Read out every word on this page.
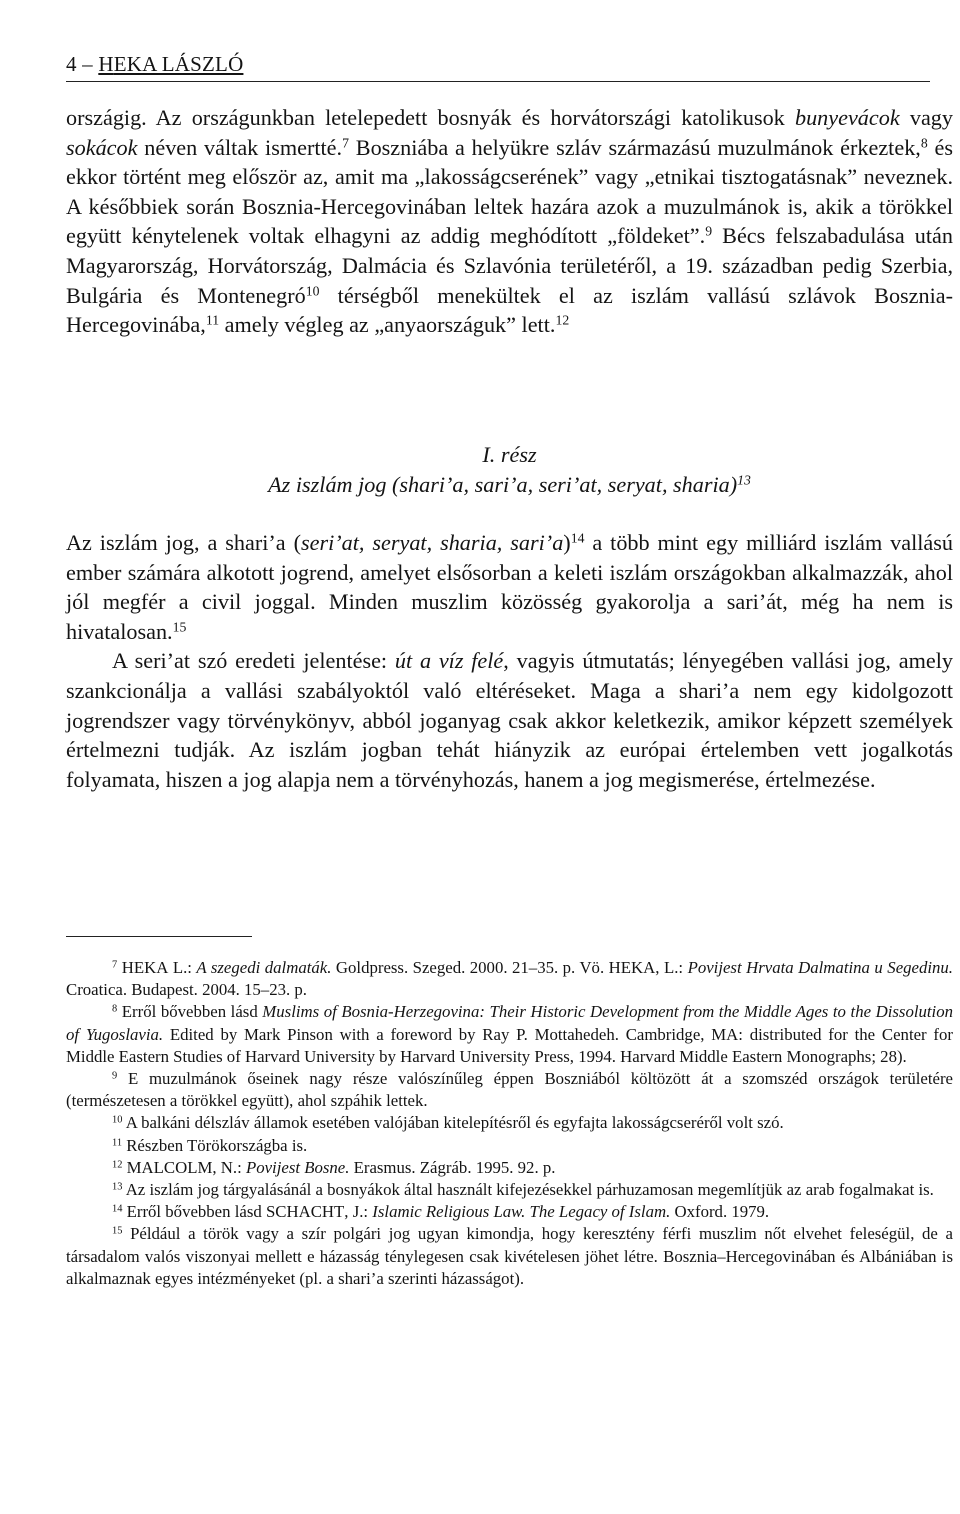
4 – HEKA LÁSZLÓ

országig. Az országunkban letelepedett bosnyák és horvátországi katolikusok bunyevácok vagy sokácok néven váltak ismertté.$^7$ Boszniába a helyükre szláv származású muzulmánok érkeztek,$^8$ és ekkor történt meg először az, amit ma „lakosságcserének” vagy „etnikai tisztogatásnak” neveznek. A későbbiek során Bosznia-Hercegovinában leltek hazára azok a muzulmánok is, akik a törökkel együtt kénytelenek voltak elhagyni az addig meghódított „földeket”.$^9$ Bécs felszabadulása után Magyarország, Horvátország, Dalmácia és Szlavónia területéről, a 19. században pedig Szerbia, Bulgária és Montenegró$^{10}$ térségből menekültek el az iszlám vallású szlávok Bosznia-Hercegovinába,$^{11}$ amely végleg az „anyaországuk” lett.$^{12}$

I. rész
Az iszlám jog (shari’a, sari’a, seri’at, seryat, sharia)$^{13}$

Az iszlám jog, a shari’a (seri’at, seryat, sharia, sari’a)$^{14}$ a több mint egy milliárd iszlám vallású ember számára alkotott jogrend, amelyet elsősorban a keleti iszlám országokban alkalmazzák, ahol jól megfér a civil joggal. Minden muszlim közösség gyakorolja a sari’át, még ha nem is hivatalosan.$^{15}$

A seri’at szó eredeti jelentése: út a víz felé, vagyis útmutatás; lényegében vallási jog, amely szankcionálja a vallási szabályoktól való eltéréseket. Maga a shari’a nem egy kidolgozott jogrendszer vagy törvénykönyv, abból joganyag csak akkor keletkezik, amikor képzett személyek értelmezni tudják. Az iszlám jogban tehát hiányzik az európai értelemben vett jogalkotás folyamata, hiszen a jog alapja nem a törvényhozás, hanem a jog megismerése, értelmezése.

$^7$ HEKA L.: A szegedi dalmaták. Goldpress. Szeged. 2000. 21–35. p. Vö. HEKA, L.: Povijest Hrvata Dalmatina u Segedinu. Croatica. Budapest. 2004. 15–23. p.

$^8$ Erről bővebben lásd Muslims of Bosnia-Herzegovina: Their Historic Development from the Middle Ages to the Dissolution of Yugoslavia. Edited by Mark Pinson with a foreword by Ray P. Mottahedeh. Cambridge, MA: distributed for the Center for Middle Eastern Studies of Harvard University by Harvard University Press, 1994. Harvard Middle Eastern Monographs; 28).

$^9$ E muzulmánok őseinek nagy része valószínűleg éppen Boszniából költözött át a szomszéd országok területére (természetesen a törökkel együtt), ahol szpáhik lettek.

$^{10}$ A balkáni délszláv államok esetében valójában kitelepítésről és egyfajta lakosságcseréről volt szó.

$^{11}$ Részben Törökországba is.

$^{12}$ MALCOLM, N.: Povijest Bosne. Erasmus. Zágráb. 1995. 92. p.

$^{13}$ Az iszlám jog tárgyalásánál a bosnyákok által használt kifejezésekkel párhuzamosan megemlítjük az arab fogalmakat is.

$^{14}$ Erről bővebben lásd SCHACHT, J.: Islamic Religious Law. The Legacy of Islam. Oxford. 1979.

$^{15}$ Például a török vagy a szír polgári jog ugyan kimondja, hogy keresztény férfi muszlim nőt elvehet feleségül, de a társadalom valós viszonyai mellett e házasság ténylegesen csak kivételesen jöhet létre. Bosznia–Hercegovinában és Albániában is alkalmaznak egyes intézményeket (pl. a shari’a szerinti házasságot).
